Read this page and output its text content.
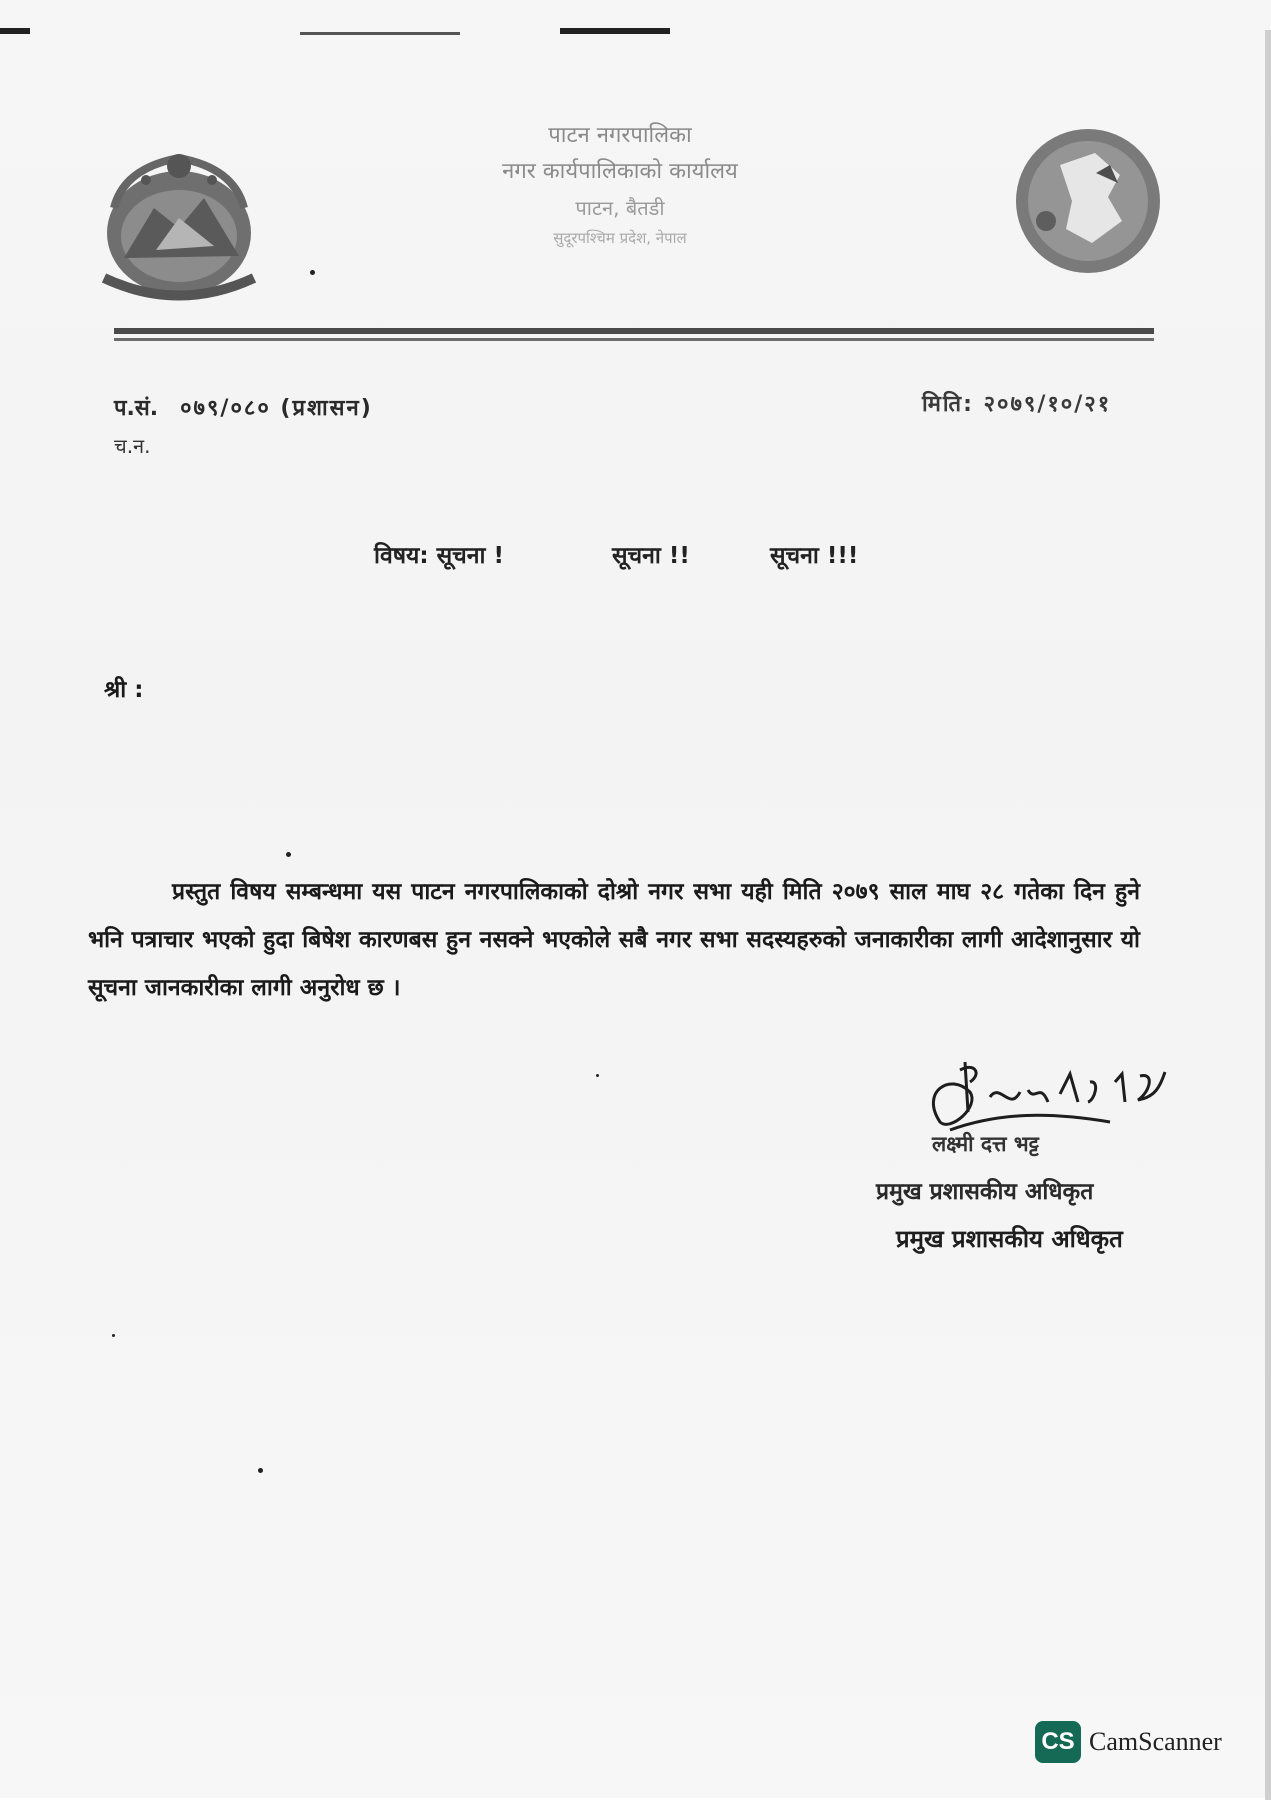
पाटन नगरपालिका
नगर कार्यपालिकाको कार्यालय
पाटन, बैतडी
सुदूरपश्चिम प्रदेश, नेपाल
प.सं. ०७९/०८० (प्रशासन)
च.न.
मिति: २०७९/१०/२१
विषय: सूचना !	सूचना !!	सूचना !!!
श्री :
प्रस्तुत विषय सम्बन्धमा यस पाटन नगरपालिकाको दोश्रो नगर सभा यही मिति २०७९ साल माघ २८ गतेका दिन हुने भनि पत्राचार भएको हुदा बिषेश कारणबस हुन नसक्ने भएकोले सबै नगर सभा सदस्यहरुको जनाकारीका लागी आदेशानुसार यो सूचना जानकारीका लागी अनुरोध छ ।
लक्ष्मी दत्त भट्ट
प्रमुख प्रशासकीय अधिकृत
प्रमुख प्रशासकीय अधिकृत
CS CamScanner
